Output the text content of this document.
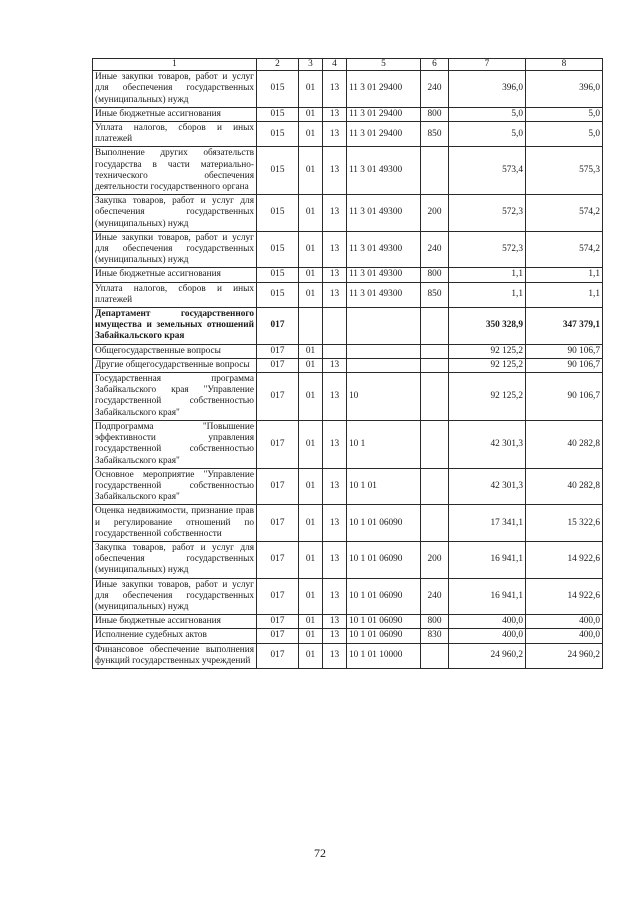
1	2	3	4	5	6	7	8
Иные закупки товаров, работ и услуг для обеспечения государственных (муниципальных) нужд	015	01	13	11 3 01 29400	240	396,0	396,0
Иные бюджетные ассигнования	015	01	13	11 3 01 29400	800	5,0	5,0
Уплата налогов, сборов и иных платежей	015	01	13	11 3 01 29400	850	5,0	5,0
Выполнение других обязательств государства в части материально-технического обеспечения деятельности государственного органа	015	01	13	11 3 01 49300		573,4	575,3
Закупка товаров, работ и услуг для обеспечения государственных (муниципальных) нужд	015	01	13	11 3 01 49300	200	572,3	574,2
Иные закупки товаров, работ и услуг для обеспечения государственных (муниципальных) нужд	015	01	13	11 3 01 49300	240	572,3	574,2
Иные бюджетные ассигнования	015	01	13	11 3 01 49300	800	1,1	1,1
Уплата налогов, сборов и иных платежей	015	01	13	11 3 01 49300	850	1,1	1,1
Департамент государственного имущества и земельных отношений Забайкальского края	017					350 328,9	347 379,1
Общегосударственные вопросы	017	01				92 125,2	90 106,7
Другие общегосударственные вопросы	017	01	13			92 125,2	90 106,7
Государственная программа Забайкальского края "Управление государственной собственностью Забайкальского края"	017	01	13	10		92 125,2	90 106,7
Подпрограмма "Повышение эффективности управления государственной собственностью Забайкальского края"	017	01	13	10 1		42 301,3	40 282,8
Основное мероприятие "Управление государственной собственностью Забайкальского края"	017	01	13	10 1 01		42 301,3	40 282,8
Оценка недвижимости, признание прав и регулирование отношений по государственной собственности	017	01	13	10 1 01 06090		17 341,1	15 322,6
Закупка товаров, работ и услуг для обеспечения государственных (муниципальных) нужд	017	01	13	10 1 01 06090	200	16 941,1	14 922,6
Иные закупки товаров, работ и услуг для обеспечения государственных (муниципальных) нужд	017	01	13	10 1 01 06090	240	16 941,1	14 922,6
Иные бюджетные ассигнования	017	01	13	10 1 01 06090	800	400,0	400,0
Исполнение судебных актов	017	01	13	10 1 01 06090	830	400,0	400,0
Финансовое обеспечение выполнения функций государственных учреждений	017	01	13	10 1 01 10000		24 960,2	24 960,2
72
